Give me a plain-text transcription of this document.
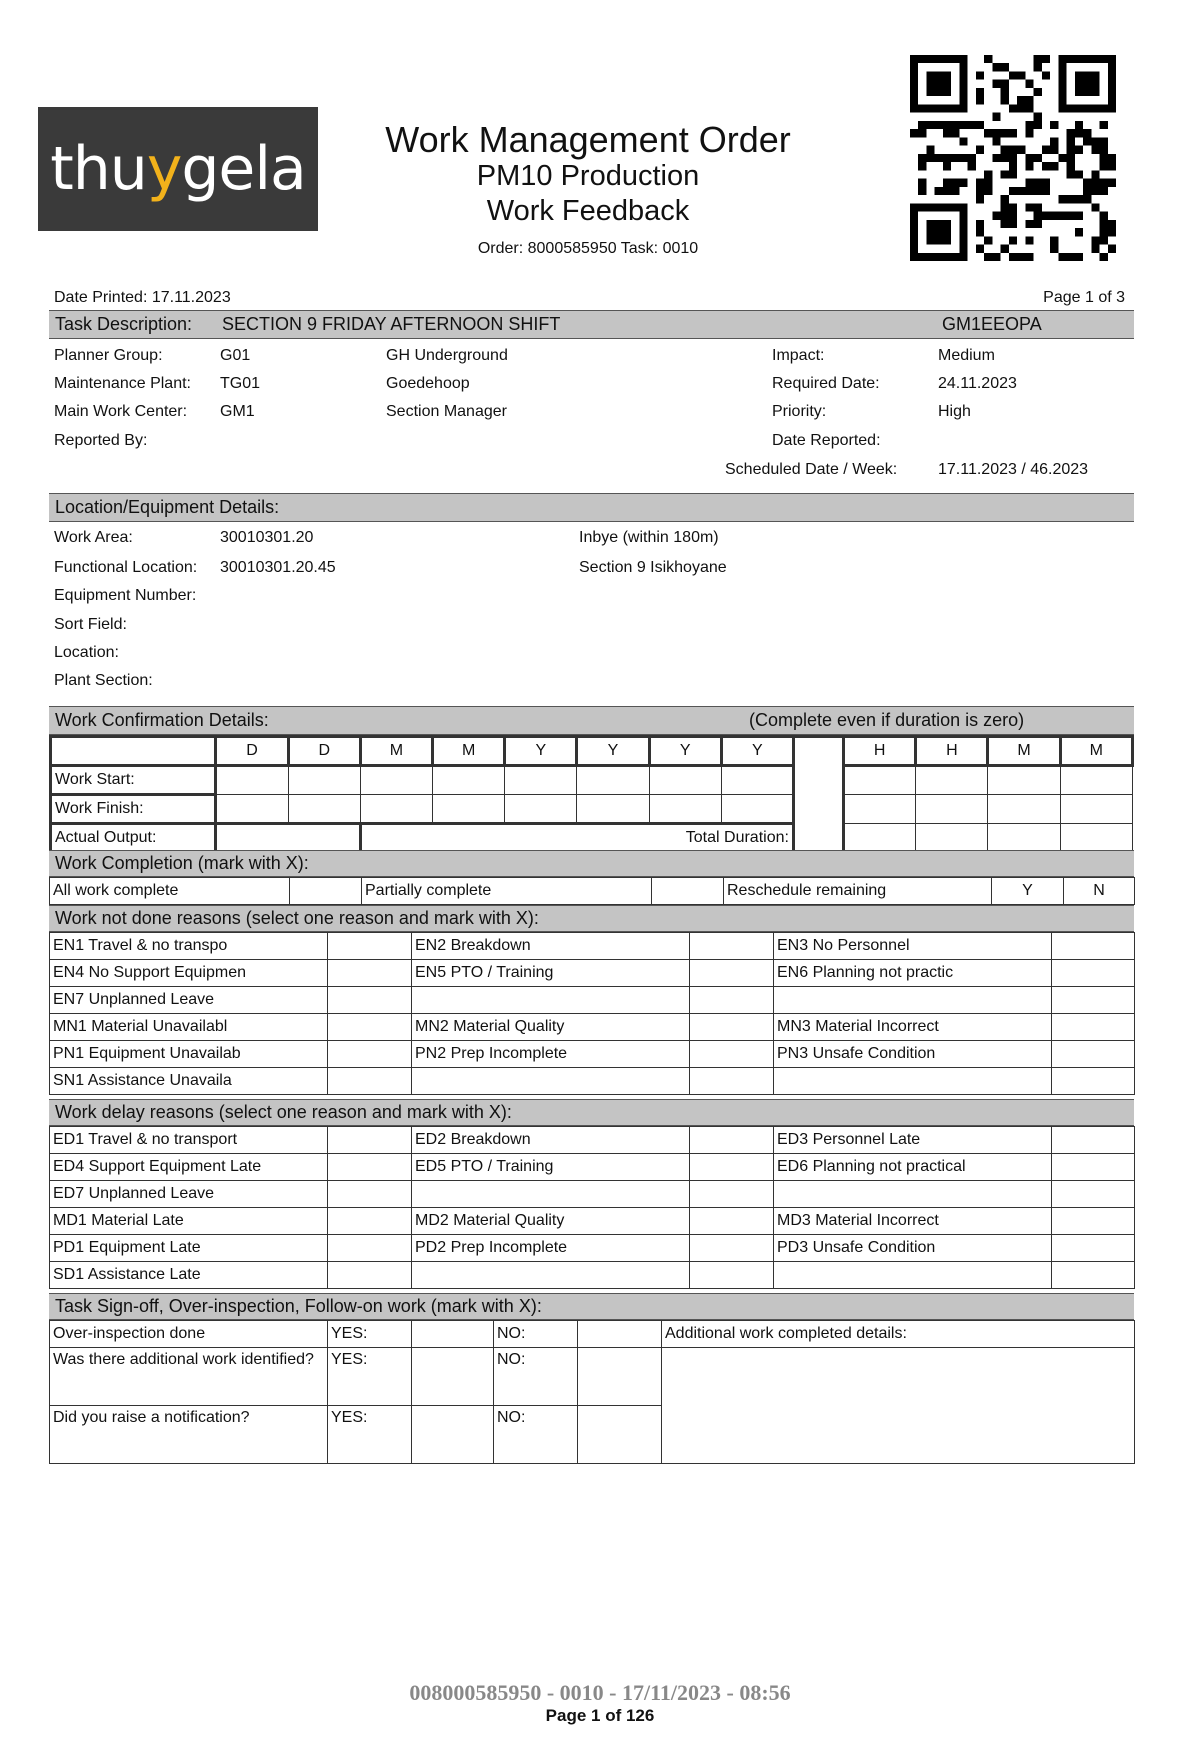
thuygela	Work Management Order
PM10 Production
Work Feedback
Order: 8000585950 Task: 0010
Date Printed: 17.11.2023	Page 1 of 3
Task Description:	SECTION 9 FRIDAY AFTERNOON SHIFT	GM1EEOPA
Planner Group:	G01	GH Underground
Maintenance Plant: TG01	Goedehoop
Main Work Center: GM1	Section Manager
Reported By:
Impact:	Medium
Required Date:	24.11.2023
Priority:	High
Date Reported:
Scheduled Date / Week:	17.11.2023 / 46.2023
Location/Equipment Details:
Work Area:	30010301.20	Inbye (within 180m)
Functional Location: 30010301.20.45	Section 9 Isikhoyane
Equipment Number:
Sort Field:
Location:
Plant Section:
Work Confirmation Details:	(Complete even if duration is zero)
	D	D	M	M	Y	Y	Y	Y		H	H	M	M
Work Start:													
Work Finish:													
Actual Output:			Total Duration:										
Work Completion (mark with X):
All work complete		Partially complete		Reschedule remaining	Y	N
Work not done reasons (select one reason and mark with X):
EN1 Travel & no transpo		EN2 Breakdown		EN3 No Personnel	
EN4 No Support Equipmen		EN5 PTO / Training		EN6 Planning not practic	
EN7 Unplanned Leave					
MN1 Material Unavailabl		MN2 Material Quality		MN3 Material Incorrect	
PN1 Equipment Unavailab		PN2 Prep Incomplete		PN3 Unsafe Condition	
SN1 Assistance Unavaila					
Work delay reasons (select one reason and mark with X):
ED1 Travel & no transport		ED2 Breakdown		ED3 Personnel Late	
ED4 Support Equipment Late		ED5 PTO / Training		ED6 Planning not practical	
ED7 Unplanned Leave					
MD1 Material Late		MD2 Material Quality		MD3 Material Incorrect	
PD1 Equipment Late		PD2 Prep Incomplete		PD3 Unsafe Condition	
SD1 Assistance Late					
Task Sign-off, Over-inspection, Follow-on work (mark with X):
Over-inspection done	YES:		NO:		Additional work completed details:
Was there additional work identified?	YES:		NO:		
Did you raise a notification?	YES:		NO:		
008000585950 - 0010 - 17/11/2023 - 08:56
Page 1 of 126
